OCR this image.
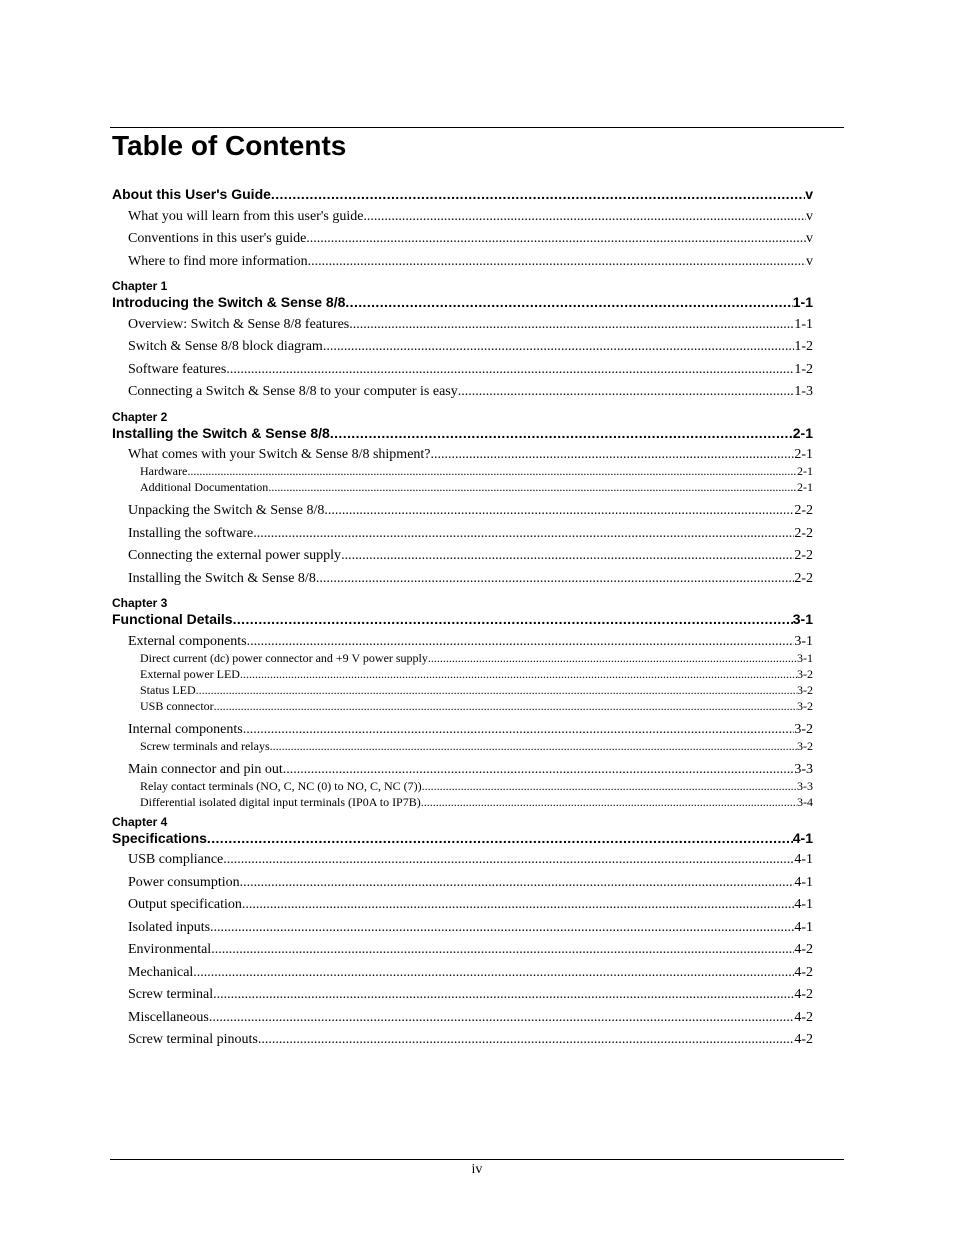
Table of Contents
About this User's Guide .....	v
What you will learn from this user's guide .....	v
Conventions in this user's guide .....	v
Where to find more information .....	v
Chapter 1
Introducing the Switch & Sense 8/8 .....	1-1
Overview: Switch & Sense 8/8 features .....	1-1
Switch & Sense 8/8 block diagram .....	1-2
Software features .....	1-2
Connecting a Switch & Sense 8/8 to your computer is easy .....	1-3
Chapter 2
Installing the Switch & Sense 8/8 .....	2-1
What comes with your Switch & Sense 8/8 shipment? .....	2-1
Hardware .....	2-1
Additional Documentation .....	2-1
Unpacking the Switch & Sense 8/8 .....	2-2
Installing the software .....	2-2
Connecting the external power supply .....	2-2
Installing the Switch & Sense 8/8 .....	2-2
Chapter 3
Functional Details .....	3-1
External components .....	3-1
Direct current (dc) power connector and +9 V power supply .....	3-1
External power LED .....	3-2
Status LED .....	3-2
USB connector .....	3-2
Internal components .....	3-2
Screw terminals and relays .....	3-2
Main connector and pin out .....	3-3
Relay contact terminals (NO, C, NC (0) to NO, C, NC (7)) .....	3-3
Differential isolated digital input terminals (IP0A to IP7B) .....	3-4
Chapter 4
Specifications .....	4-1
USB compliance .....	4-1
Power consumption .....	4-1
Output specification .....	4-1
Isolated inputs .....	4-1
Environmental .....	4-2
Mechanical .....	4-2
Screw terminal .....	4-2
Miscellaneous .....	4-2
Screw terminal pinouts .....	4-2
iv
